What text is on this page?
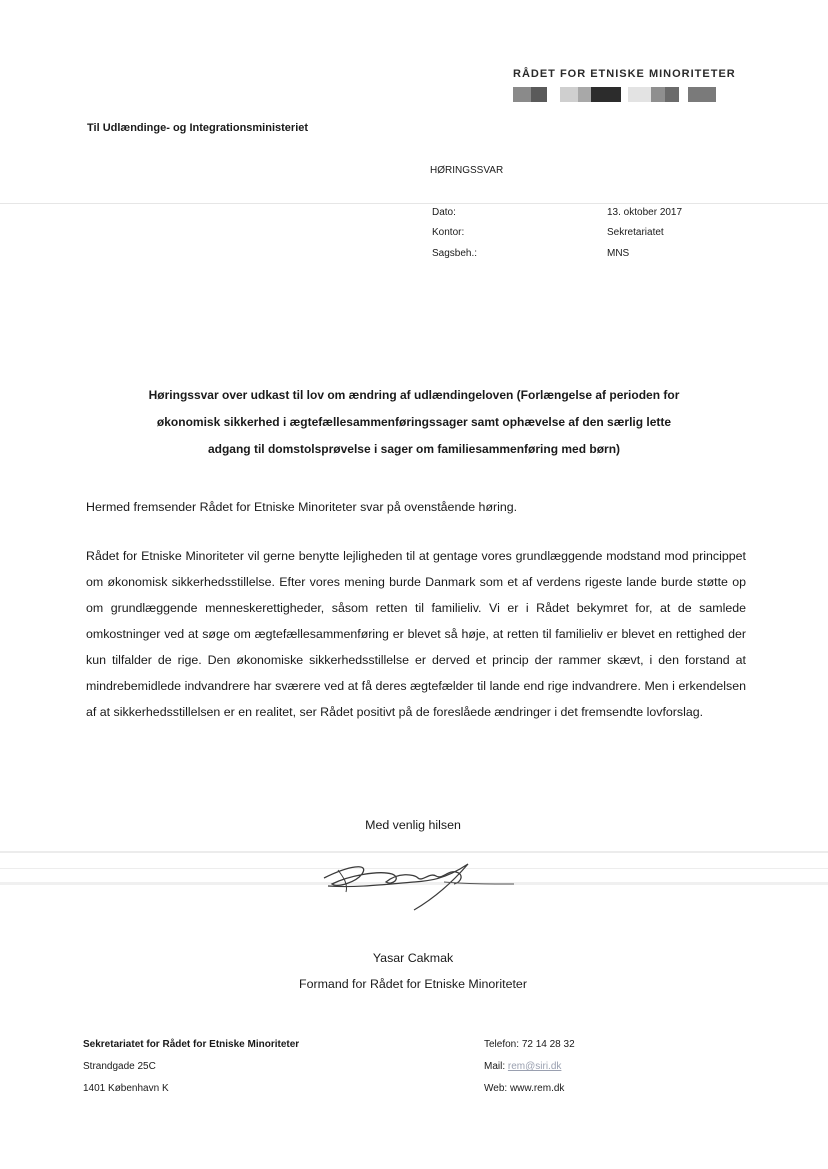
RÅDET FOR ETNISKE MINORITETER
Til Udlændinge- og Integrationsministeriet
HØRINGSSVAR
Dato:	13. oktober 2017
Kontor:	Sekretariatet
Sagsbeh.:	MNS
Høringssvar over udkast til lov om ændring af udlændingeloven (Forlængelse af perioden for
økonomisk sikkerhed i ægtefællesammenføringssager samt ophævelse af den særlig lette
adgang til domstolsprøvelse i sager om familiesammenføring med børn)
Hermed fremsender Rådet for Etniske Minoriteter svar på ovenstående høring.
Rådet for Etniske Minoriteter vil gerne benytte lejligheden til at gentage vores grundlæggende modstand mod princippet om økonomisk sikkerhedsstillelse. Efter vores mening burde Danmark som et af verdens rigeste lande burde støtte op om grundlæggende menneskerettigheder, såsom retten til familieliv. Vi er i Rådet bekymret for, at de samlede omkostninger ved at søge om ægtefællesammenføring er blevet så høje, at retten til familieliv er blevet en rettighed der kun tilfalder de rige. Den økonomiske sikkerhedsstillelse er derved et princip der rammer skævt, i den forstand at mindrebemidlede indvandrere har sværere ved at få deres ægtefælder til lande end rige indvandrere. Men i erkendelsen af at sikkerhedsstillelsen er en realitet, ser Rådet positivt på de foreslåede ændringer i det fremsendte lovforslag.
Med venlig hilsen
Yasar Cakmak
Formand for Rådet for Etniske Minoriteter
Sekretariatet for Rådet for Etniske Minoriteter
Strandgade 25C
1401 København K
Telefon: 72 14 28 32
Mail: rem@siri.dk
Web: www.rem.dk
